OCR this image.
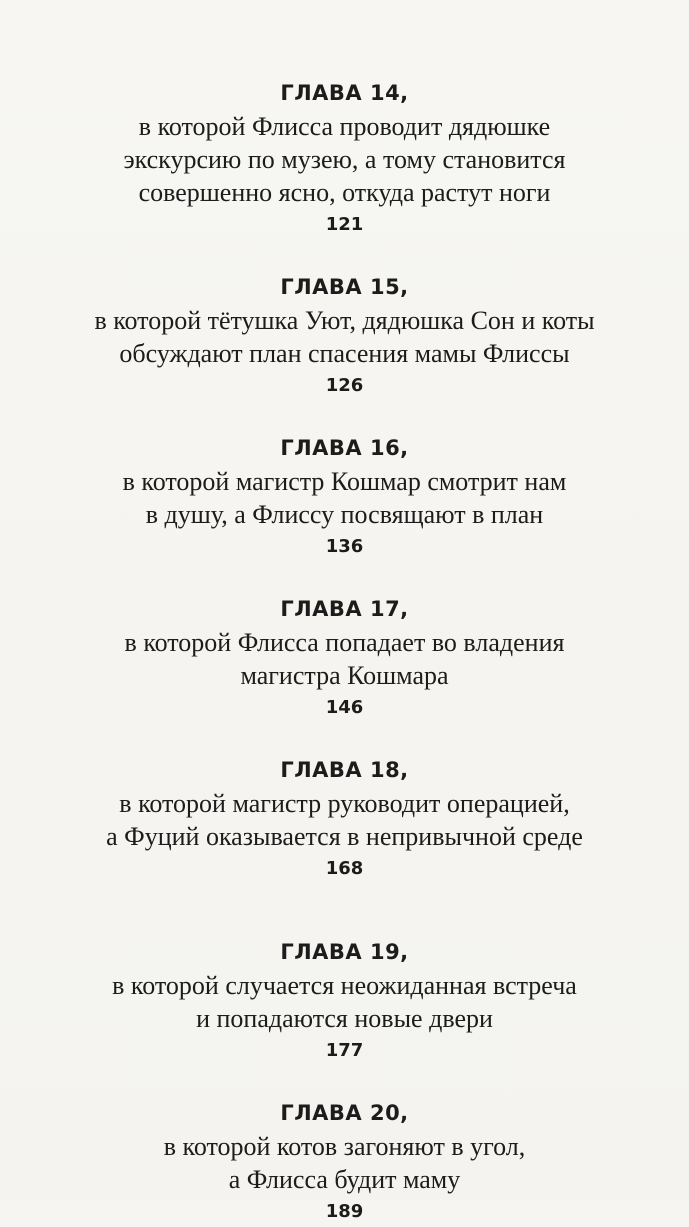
ГЛАВА 14,
в которой Флисса проводит дядюшке
экскурсию по музею, а тому становится
совершенно ясно, откуда растут ноги
121
ГЛАВА 15,
в которой тётушка Уют, дядюшка Сон и коты
обсуждают план спасения мамы Флиссы
126
ГЛАВА 16,
в которой магистр Кошмар смотрит нам
в душу, а Флиссу посвящают в план
136
ГЛАВА 17,
в которой Флисса попадает во владения
магистра Кошмара
146
ГЛАВА 18,
в которой магистр руководит операцией,
а Фуций оказывается в непривычной среде
168
ГЛАВА 19,
в которой случается неожиданная встреча
и попадаются новые двери
177
ГЛАВА 20,
в которой котов загоняют в угол,
а Флисса будит маму
189
